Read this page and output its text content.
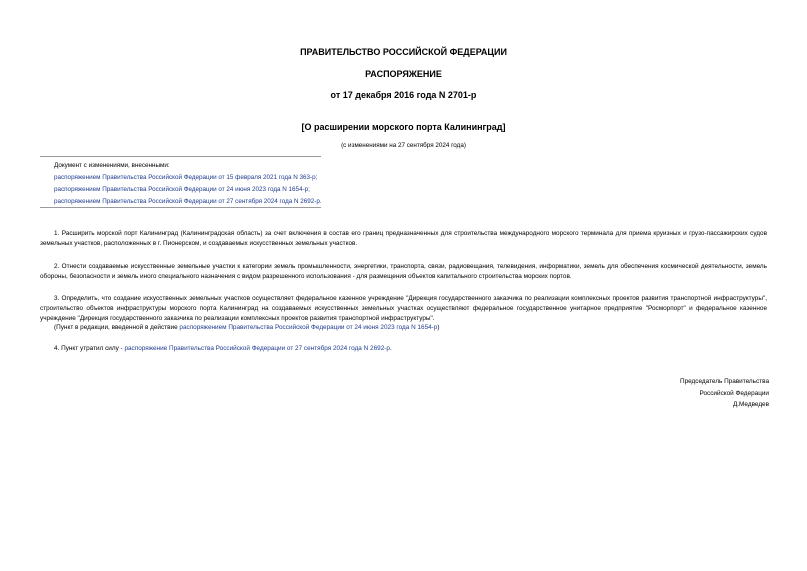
ПРАВИТЕЛЬСТВО РОССИЙСКОЙ ФЕДЕРАЦИИ
РАСПОРЯЖЕНИЕ
от 17 декабря 2016 года N 2701-р
[О расширении морского порта Калининград]
(с изменениями на 27 сентября 2024 года)
Документ с изменениями, внесенными:
распоряжением Правительства Российской Федерации от 15 февраля 2021 года N 363-р;
распоряжением Правительства Российской Федерации от 24 июня 2023 года N 1654-р;
распоряжением Правительства Российской Федерации от 27 сентября 2024 года N 2692-р.
1. Расширить морской порт Калининград (Калининградская область) за счет включения в состав его границ предназначенных для строительства международного морского терминала для приема круизных и грузо-пассажирских судов земельных участков, расположенных в г. Пионерском, и создаваемых искусственных земельных участков.
2. Отнести создаваемые искусственные земельные участки к категории земель промышленности, энергетики, транспорта, связи, радиовещания, телевидения, информатики, земель для обеспечения космической деятельности, земель обороны, безопасности и земель иного специального назначения с видом разрешенного использования - для размещения объектов капитального строительства морских портов.
3. Определить, что создание искусственных земельных участков осуществляет федеральное казенное учреждение "Дирекция государственного заказчика по реализации комплексных проектов развития транспортной инфраструктуры", строительство объектов инфраструктуры морского порта Калининград на создаваемых искусственных земельных участках осуществляют федеральное государственное унитарное предприятие "Росморпорт" и федеральное казенное учреждение "Дирекция государственного заказчика по реализации комплексных проектов развития транспортной инфраструктуры".
(Пункт в редакции, введенной в действие распоряжением Правительства Российской Федерации от 24 июня 2023 года N 1654-р)
4. Пункт утратил силу - распоряжение Правительства Российской Федерации от 27 сентября 2024 года N 2692-р.
Председатель Правительства
Российской Федерации
Д.Медведев
